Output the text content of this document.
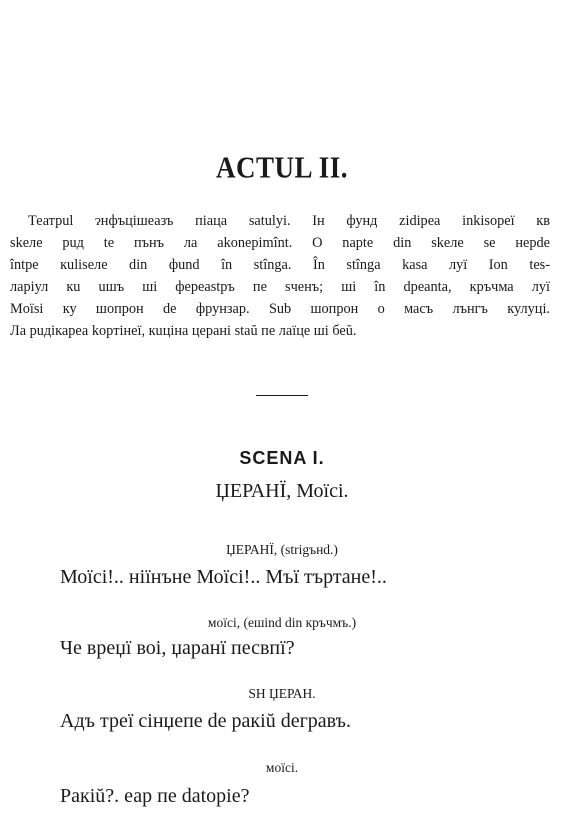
ACTUL II.
Театрul ɂнфъцішеазъ піаца satulуі. Ін фунд zidipea inkisopeї кв
skeле рuд te пънъ ла akonepimînt. О napte din skeле se нepde
întpe кulisеле din фund în stînga. În stînga kasa луї Ion tes-
ларіул кu uшъ ші ферeastpъ пе sченъ; ші în dpeanta, кръчма луї
Moїsi ку шопрон de фрунзар. Sub шопрон о масъ лънгъ кулуці.
Ла рuдікареа kopтінеї, кuціна церані staŭ пе лаїце ші беŭ.
SCENA I.
ЏЕРАНЇ, Моїсі.
ЏЕРАНЇ, (strigънd.)
Моїсі!.. ніїнъне Моїсі!.. Мъї търтане!..
моїсі, (ешind din кръчмъ.)
Че вреџї воі, џаранї песвпї?
ЅН ЏЕРАН.
Адъ треї сінџепе de ракiŭ dегравъ.
моїсі.
Ракiŭ?. еар пе datopie?
